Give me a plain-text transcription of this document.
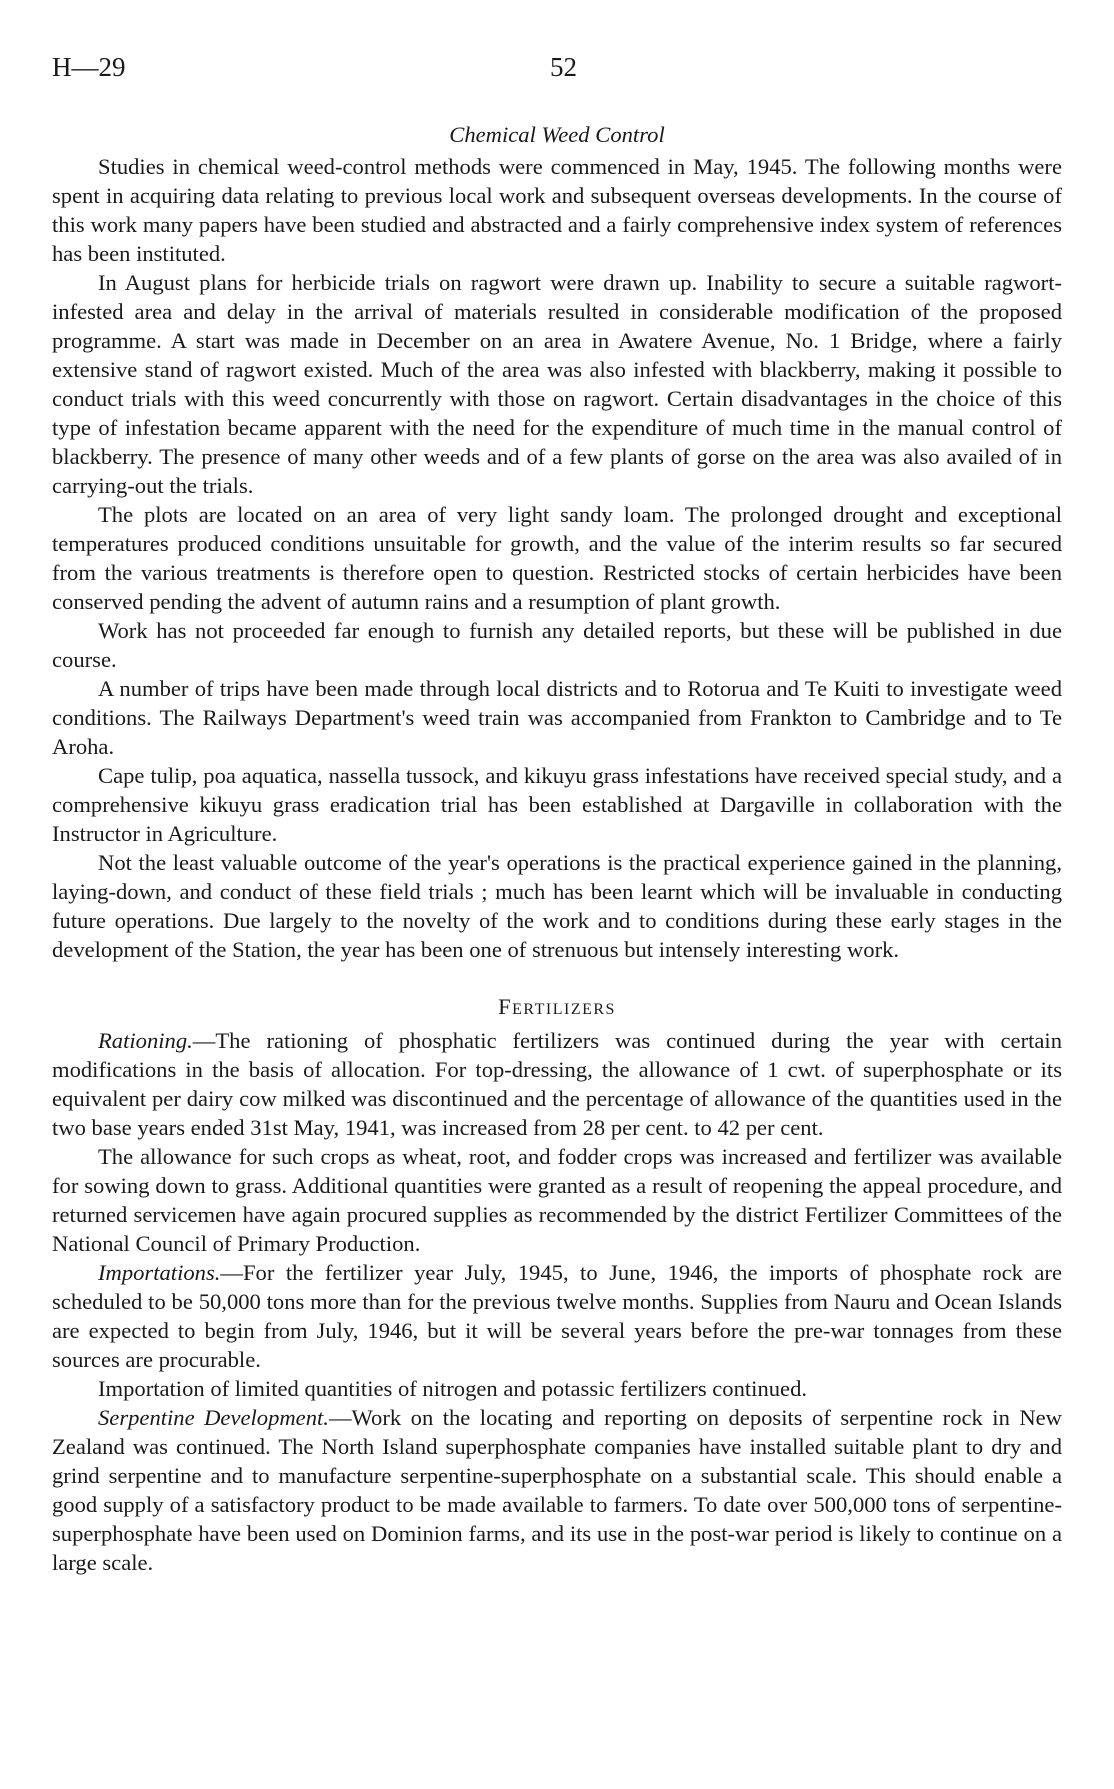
H—29	52
Chemical Weed Control

Studies in chemical weed-control methods were commenced in May, 1945. The following months were spent in acquiring data relating to previous local work and subsequent overseas developments. In the course of this work many papers have been studied and abstracted and a fairly comprehensive index system of references has been instituted.

In August plans for herbicide trials on ragwort were drawn up. Inability to secure a suitable ragwort-infested area and delay in the arrival of materials resulted in considerable modification of the proposed programme. A start was made in December on an area in Awatere Avenue, No. 1 Bridge, where a fairly extensive stand of ragwort existed. Much of the area was also infested with blackberry, making it possible to conduct trials with this weed concurrently with those on ragwort. Certain disadvantages in the choice of this type of infestation became apparent with the need for the expenditure of much time in the manual control of blackberry. The presence of many other weeds and of a few plants of gorse on the area was also availed of in carrying-out the trials.

The plots are located on an area of very light sandy loam. The prolonged drought and exceptional temperatures produced conditions unsuitable for growth, and the value of the interim results so far secured from the various treatments is therefore open to question. Restricted stocks of certain herbicides have been conserved pending the advent of autumn rains and a resumption of plant growth.

Work has not proceeded far enough to furnish any detailed reports, but these will be published in due course.

A number of trips have been made through local districts and to Rotorua and Te Kuiti to investigate weed conditions. The Railways Department's weed train was accompanied from Frankton to Cambridge and to Te Aroha.

Cape tulip, poa aquatica, nassella tussock, and kikuyu grass infestations have received special study, and a comprehensive kikuyu grass eradication trial has been established at Dargaville in collaboration with the Instructor in Agriculture.

Not the least valuable outcome of the year's operations is the practical experience gained in the planning, laying-down, and conduct of these field trials ; much has been learnt which will be invaluable in conducting future operations. Due largely to the novelty of the work and to conditions during these early stages in the development of the Station, the year has been one of strenuous but intensely interesting work.

Fertilizers

Rationing.—The rationing of phosphatic fertilizers was continued during the year with certain modifications in the basis of allocation. For top-dressing, the allowance of 1 cwt. of superphosphate or its equivalent per dairy cow milked was discontinued and the percentage of allowance of the quantities used in the two base years ended 31st May, 1941, was increased from 28 per cent. to 42 per cent.

The allowance for such crops as wheat, root, and fodder crops was increased and fertilizer was available for sowing down to grass. Additional quantities were granted as a result of reopening the appeal procedure, and returned servicemen have again procured supplies as recommended by the district Fertilizer Committees of the National Council of Primary Production.

Importations.—For the fertilizer year July, 1945, to June, 1946, the imports of phosphate rock are scheduled to be 50,000 tons more than for the previous twelve months. Supplies from Nauru and Ocean Islands are expected to begin from July, 1946, but it will be several years before the pre-war tonnages from these sources are procurable.

Importation of limited quantities of nitrogen and potassic fertilizers continued.

Serpentine Development.—Work on the locating and reporting on deposits of serpentine rock in New Zealand was continued. The North Island superphosphate companies have installed suitable plant to dry and grind serpentine and to manufacture serpentine-superphosphate on a substantial scale. This should enable a good supply of a satisfactory product to be made available to farmers. To date over 500,000 tons of serpentine-superphosphate have been used on Dominion farms, and its use in the post-war period is likely to continue on a large scale.
